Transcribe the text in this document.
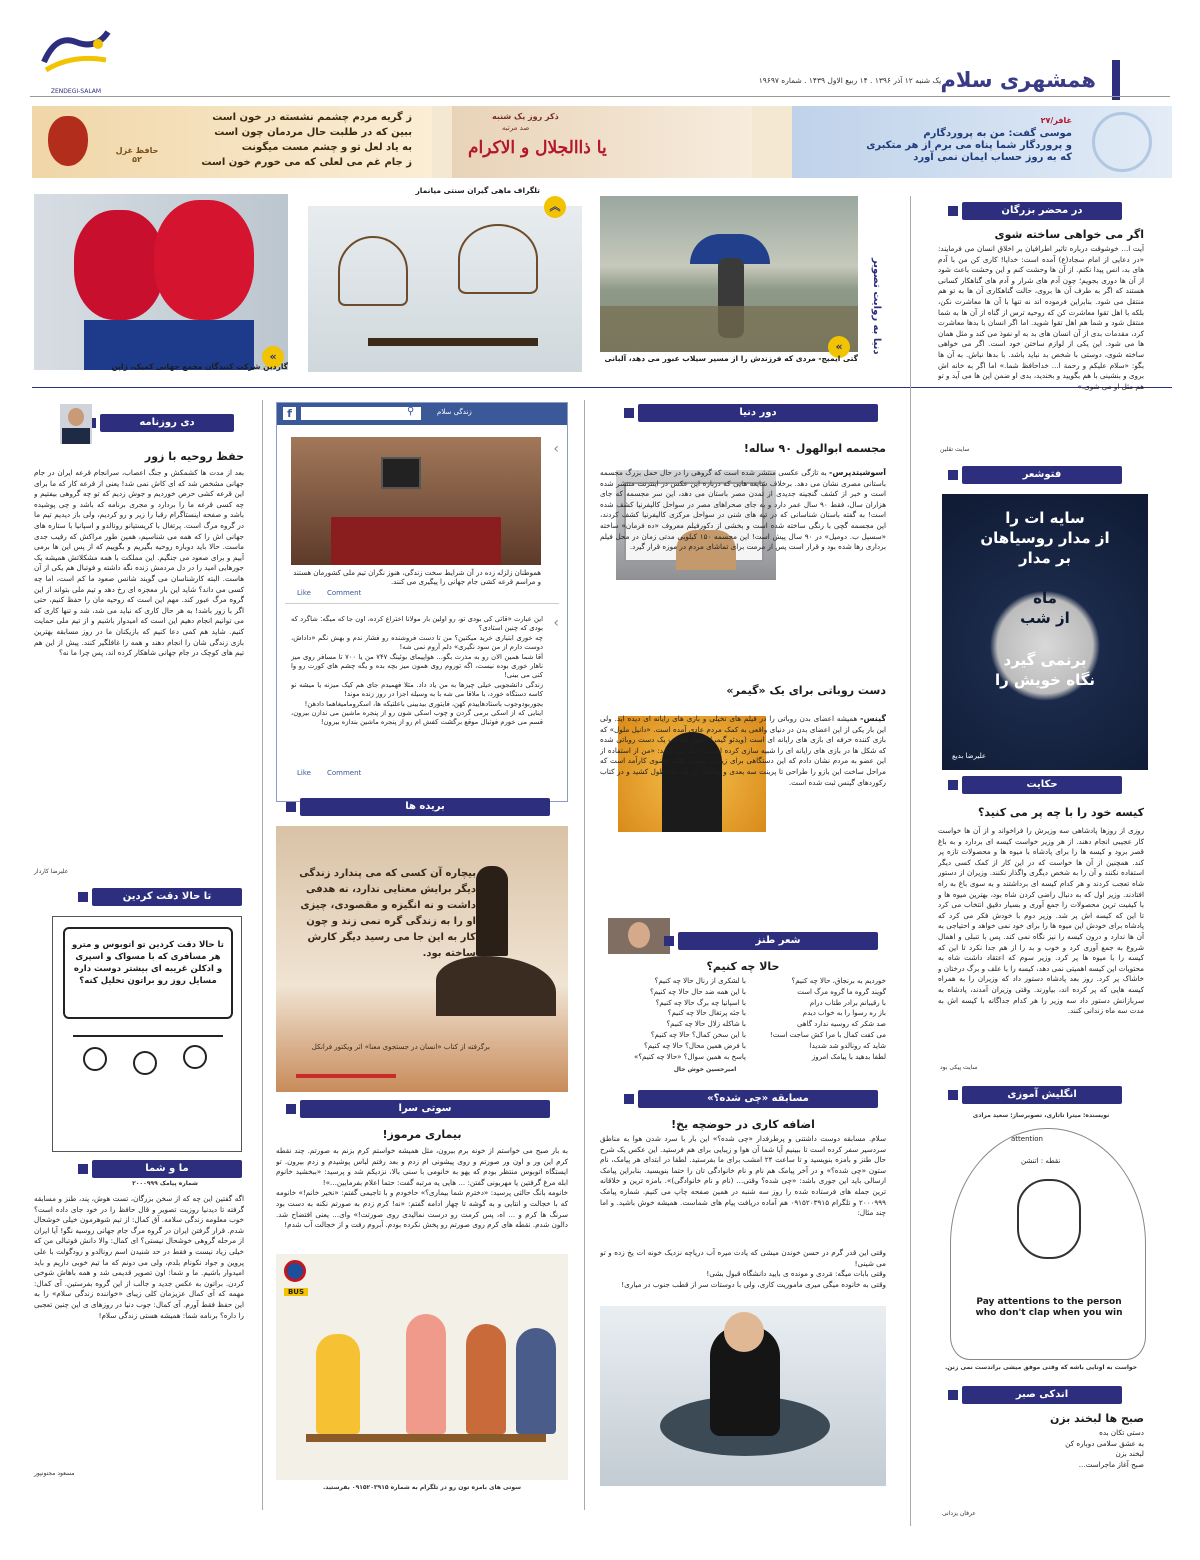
ZENDEGI-SALAM
یک شنبه ۱۲ آذر ۱۳۹۶ . ۱۴ ربیع الاول ۱۴۳۹ . شماره ۱۹۶۹۷ همشهری سلام
غافر/۲۷
موسی گفت: من به پروردگارم
و پروردگار شما پناه می برم از هر متکبری
که به روز حساب ایمان نمی آورد
ذکر روز یک شنبه
صد مرتبه
یا ذاالجلال و الاکرام
ز گریه مردم چشمم نشسته در خون است
ببین که در طلبت حال مردمان چون است
به یاد لعل تو و چشم مست میگونت
ز جام غم می لعلی که می خورم خون است
حافظ غزل ۵۲
دنیا به روایت تصویر
»
گتی ایمیج- مردی که فرزندش را از مسیر سیلاب عبور می دهد، آلبانی
︽
تلگراف ماهی گیران سنتی میانمار
»
گاردین شرکت کنندگان مجمع جهانی کمیک، ژاپن
در محضر بزرگان
اگر می خواهی ساخته شوی
آیت ا... خوشوقت درباره تاثیر اطرافیان بر اخلاق انسان می فرمایند: «در دعایی از امام سجاد(ع) آمده است: خدایا! کاری کن من با آدم های بد، انس پیدا نکنم. از آن ها وحشت کنم و این وحشت باعث شود از آن ها دوری بجویم؛ چون آدم های شرار و آدم های گناهکار کسانی هستند که اگر به طرف آن ها بروی، حالت گناهکاری آن ها به تو هم منتقل می شود. بنابراین فرموده اند نه تنها با آن ها معاشرت نکن، بلکه با اهل تقوا معاشرت کن که روحیه ترس از گناه از آن ها به شما منتقل شود و شما هم اهل تقوا شوید. اما اگر انسان با بدها معاشرت کرد، مقدمات بدی از آن انسان های بد به او نفوذ می کند و مثل همان ها می شود. این یکی از لوازم ساختن خود است. اگر می خواهی ساخته شوی، دوستی با شخص بد نباید باشد. با بدها نباش. به آن ها بگو: «سلام علیکم و رحمة ا... خداحافظ شما.» اما اگر به خانه اش بروی و بنشینی با هم بگویید و بخندید، بدی او ضمن این ها می آید و تو هم مثل او می شوی.»
سایت تقلین
فتوشعر
سایه ات را
از مدار روسیاهان
بر مدار
ماه
از شب
برنمی گیرد
نگاه خویش را
علیرضا بدیع
حکایت
کیسه خود را با چه پر می کنید؟
روزی از روزها پادشاهی سه وزیرش را فراخواند و از آن ها خواست کار عجیبی انجام دهند. از هر وزیر خواست کیسه ای بردارد و به باغ قصر برود و کیسه ها را برای پادشاه با میوه ها و محصولات تازه پر کند. همچنین از آن ها خواست که در این کار از کمک کسی دیگر استفاده نکنند و آن را به شخص دیگری واگذار نکنند. وزیران از دستور شاه تعجب کردند و هر کدام کیسه ای برداشتند و به سوی باغ به راه افتادند. وزیر اول که به دنبال راضی کردن شاه بود، بهترین میوه ها و با کیفیت ترین محصولات را جمع آوری و بسیار دقیق انتخاب می کرد تا این که کیسه اش پر شد. وزیر دوم با خودش فکر می کرد که پادشاه برای خودش این میوه ها را برای خود نمی خواهد و احتیاجی به آن ها ندارد و درون کیسه را نیز نگاه نمی کند. پس با تنبلی و اهمال شروع به جمع آوری کرد و خوب و بد را از هم جدا نکرد تا این که کیسه را با میوه ها پر کرد. وزیر سوم که اعتقاد داشت شاه به محتویات این کیسه اهمیتی نمی دهد، کیسه را با علف و برگ درختان و خاشاک پر کرد. روز بعد پادشاه دستور داد که وزیران را به همراه کیسه هایی که پر کرده اند، بیاورند. وقتی وزیران آمدند، پادشاه به سربازانش دستور داد سه وزیر را هر کدام جداگانه با کیسه اش به مدت سه ماه زندانی کنند.
سایت پیکی بود
انگلیش آموزی
نویسنده: میترا تاتاری، تصویرساز: سعید مرادی
attention
نقطه : اتنشن
Pay attentions to the person who don't clap when you win
حواست به اونایی باشه که وقتی موفق میشی براتدست نمی زنن.
اندکی صبر
صبح ها لبخند بزن
دستی تکان بده
به عشق سلامی دوباره کن
لبخند بزن
صبح آغاز ماجراست...
عرفان یزدانی
دور دنیا
مجسمه ابوالهول ۹۰ ساله!
آسوشیتدپرس- به تازگی عکسی منتشر شده است که گروهی را در حال حمل بزرگ مجسمه باستانی مصری نشان می دهد. برخلاف شایعه هایی که درباره این عکس در اینترنت منتشر شده است و خبر از کشف گنجینه جدیدی از تمدن مصر باستان می دهد، این سر مجسمه که جای هزاران سال، فقط ۹۰ سال عمر دارد و به جای صحراهای مصر در سواحل کالیفرنیا کشف شده است! به گفته باستان شناسانی که در تپه های شنی در سواحل مرکزی کالیفرنیا کشف کردند، این مجسمه گچی با رنگی ساخته شده است و بخشی از دکورفیلم معروف «ده فرمان» ساخته «سسیل ب. دومیل» در ۹۰ سال پیش است! این مجسمه ۱۵۰ کیلویی مدتی زمان در محل فیلم برداری رها شده بود و قرار است پس از مرمت برای تماشای مردم در موزه قرار گیرد.
دست روباتی برای یک «گیمر»
گینس- همیشه اعضای بدن روباتی را در فیلم های تخیلی و بازی های رایانه ای دیده اید. ولی این بار یکی از این اعضای بدن در دنیای واقعی به کمک مردم عادی آمده است. «دانیل ملول» که بازی کننده حرفه ای بازی های رایانه ای است (ویدئو گیمر) اکنون صاحب یک دست روباتی شده که شکل ها در بازی های رایانه ای را شبیه سازی کرده است. دانیل می گوید: «من از استفاده از این عضو به مردم نشان دادم که این دستگاهی برای زیبایی نیست، بلکه عضوی کارآمد است که مراحل ساخت این بازو را طراحی تا پرینت سه بعدی و ساخت آن یک ماه طول کشید و در کتاب رکوردهای گینس ثبت شده است.
شعر طنز
حالا چه کنیم؟
خوردیم به برنجاق، حالا چه کنیم؟
گویند گروه ما گروه مرگ است
با رقیبانم برادر طناب درام
باز ره رسوا را به خواب دیدم
صد شکر که روسیه ندارد گاهی
می کفت کمال با مرا کش ساجت است!
شاید که رونالدو شد شدیدا
لطفا بدهید با پیامک امروز
با لشکری از رنال حالا چه کنیم؟
با این همه ضد حال حالا چه کنیم؟
با اسپانیا چه برگ حالا چه کنیم؟
با جثه پرتغال حالا چه کنیم؟
با شاکله زلال حالا چه کنیم؟
با این سخن کمال؟ حالا چه کنیم؟
با فرض همین محال؟ حالا چه کنیم؟
پاسخ به همین سوال؟ «حالا چه کنیم؟»
امیرحسین خوش حال
مسابقه «چی شده؟»
اضافه کاری در حوضچه یخ!
سلام. مسابقه دوست داشتنی و پرطرفدار «چی شده؟» این بار با سرد شدن هوا به مناطق سردسیر سفر کرده است تا ببینیم آیا شما آن هوا و زیبایی برای هم فرستید. این عکس یک شرح حال طنز و بامزه بنویسید و تا ساعت ۲۴ امشب برای ما بفرستید. لطفا در ابتدای هر پیامک، نام ستون «چی شده؟» و در آخر پیامک هم نام و نام خانوادگی تان را حتما بنویسید. بنابراین پیامک ارسالی باید این جوری باشد: «چی شده؟ وقتی... (نام و نام خانوادگی)». بامزه ترین و خلاقانه ترین جمله های فرستاده شده را روز سه شنبه در همین صفحه چاپ می کنیم. شماره پیامک ۲۰۰۰۹۹۹ و تلگرام ۰۹۱۵۲۰۳۹۱۵ هم آماده دریافت پیام های شماست. همیشه خوش باشید. و اما چند مثال:
وقتی این قدر گرم در حسن خوندن میشی که یادت میره آب دریاچه نزدیک خونه ات یخ زده و تو می شینی!
وقتی بابات میگه: مَردی و مونده ی بایید دانشگاه قبول بشی!
وقتی به خانوده میگی میری ماموریت کاری، ولی با دوستات سر از قطب جنوب در میاری!
f	⚲	زندگی سلام
›
هموطنان زلزله زده در آن شرایط سخت زندگی، هنوز نگران تیم ملی کشورمان هستند و مراسم قرعه کشی جام جهانی را پیگیری می کنند.
Like Comment
›
این عبارت «قاتی کی بودی تو، رو اولین بار مولانا اختراع کرده، اون جا که میگه: شاگرد که بودی که چنین استادی؟
چه خوری ابتیاری خرید میکنین؟ من تا دست فروشنده رو فشار ندم و بهش نگم «داداش، دوست دارم از من سود نگیری» دلم آروم نمی شه!
آقا شما همین الان رو به مذرت بگو... هواپیمای بوئینگ ۷۴۷ من یا ۷۰۰ تا مسافر روی میز ناهار خوری بوده نیست، اگه توروم روی همون میز بچه بده و یگه چشم های کورت رو وا کنی می بینی!
زندگی دانشجویی خیلی چیزها به من یاد داد. مثلا فهمیدم جای هم کیک میزنه یا میشه تو کاسه دستگاه خورد، با ملاقا می شه با به وسیله اجزا در روز زنده موند!
بجوربودوجوب باستادهاییدم کهن، فایتوری بیدبینی باعلتیکه ها، اسکرومامیغاهما دادهن!
اینایی که از اسکی برمی گردن و چوب اسکی شون رو از پنجره ماشین می ندازن بیرون، قسم می خورم فوتبال موقع برگشت کفش ام رو از پنجره ماشین بندازه بیرون!
Like Comment
بریده ها
بیچاره آن کسی که می پندارد زندگی دیگر برایش معنایی ندارد، نه هدفی داشت و نه انگیزه و مقصودی، چیزی او را به زندگی گره نمی زند و چون کار به این جا می رسید دیگر کارش ساخته بود.
برگرفته از کتاب «انسان در جستجوی معنا» اثر ویکتور فرانکل
سوتی سرا
بیماری مرموز!
به بار صبح می خواستم از خونه برم بیرون، مثل همیشه خواستم کرم بزنم به صورتم. چند نقطه کرم این ور و اون ور صورتم و روی پیشونی ام زدم و بعد رفتم لباس پوشیدم و زدم بیرون. تو ایستگاه اتوبوس منتظر بودم که یهو به خانومی با سنی بالا، نزدیکم شد و پرسید: «ببخشید خانوم ابله مرغ گرفتین یا مهربونی گفتن: ... هایی یه مرتبه گفت: حتما اعلام بفرمایین...»!
خانومه بانگ حالتی پرسید: «دخترم شما بیماری؟» حاخودم و با تاجیمی گفتم: «نخیر خانم!» خانومه که با خجالت و انتایی و به گوشه تا چهار ادامه گفتم: «نه! کرم زدم به صورتم نکنه به دست بود سرنگ ها کرم و ... اه، پس کرمت رو درست نمالیدی روی صورتت!» وای... یعنی افتضاح شد. دالون شدم. نقطه های کرم روی صورتم رو پخش نکرده بودم. آبروم رفت و از خجالت آب شدم!
BUS
سوتی های بامزه تون رو در تلگرام به شماره ۰۹۱۵۲۰۳۹۱۵ بفرستید.
دی روزنامه
حفظ روحیه با زور
بعد از مدت ها کشمکش و جنگ اعصاب، سرانجام قرعه ایران در جام جهانی مشخص شد که ای کاش نمی شد! یعنی از قرعه کار که ما برای این قرعه کشی حرص خوردیم و جوش زدیم که تو چه گروهی بیفتیم و چه کسی قرعه ما را بردارد و مجری برنامه که باشد و چی پوشیده باشد و صفحه اینستاگرام رقبا را زیر و رو کردیم، ولی باز دیدیم تیم ما در گروه مرگ است. پرتغال با کریستیانو رونالدو و اسپانیا با ستاره های جهانی اش را که همه می شناسیم، همین طور مراکش که رقیب جدی ماست. حالا باید دوباره روحیه بگیریم و بگوییم که از پس این ها برمی آییم و برای صعود می جنگیم. این مملکت با همه مشکلاتش همیشه یک جورهایی امید را در دل مردمش زنده نگه داشته و فوتبال هم یکی از آن هاست. البته کارشناسان می گویند شانس صعود ما کم است، اما چه کسی می داند؟ شاید این بار معجزه ای رخ دهد و تیم ملی بتواند از این گروه مرگ عبور کند. مهم این است که روحیه مان را حفظ کنیم، حتی اگر با زور باشد! به هر حال کاری که نباید می شد، شد و تنها کاری که می توانیم انجام دهیم این است که امیدوار باشیم و از تیم ملی حمایت کنیم. شاید هم کمی دعا کنیم که بازیکنان ما در روز مسابقه بهترین بازی زندگی شان را انجام دهند و همه را غافلگیر کنند. پیش از این هم تیم های کوچک در جام جهانی شاهکار کرده اند، پس چرا ما نه؟
علیرضا کاردار
تا حالا دقت کردین
تا حالا دقت کردین تو اتوبوس و مترو
هر مسافری که با مسواک و اسپری
و ادکلن غریبه ای بیشتر دوست داره
مسایل روز رو براتون تحلیل کنه؟
ما و شما
شماره پیامک ۲۰۰۰۹۹۹
اگه گفتین این چه که از سخن بزرگان، تست هوش، پند، طنز و مسابقه گرفته تا دیدنیا روزیت تصویر و قال حافظ را در خود جای داده است؟ خوب معلومه زندگی سلامه. آق کمال: از تیم شوهرمون خیلی خوشحال شدم. قرار گرفتن ایران در گروه مرگ جام جهانی روسیه نگو! آیا ایران از مرحله گروهی خوشحال نیستی؟ ای کمال: والا دانش فوتبالی من که خیلی زیاد نیست و فقط در حد شنیدن اسم رونالدو و رودگولت با علی پروین و جواد نکونام بلدم، ولی می دونم که ما تیم خوبی داریم و باید امیدوار باشیم. ما و شما: اون تصویر قدیمی شد و همه باهاش شوخی کردن. براتون به عکس جدید و جالب از این گروه بفرستین. آی کمال: مهمه که آی کمال عزیزمان کلی زیبای «خواننده زندگی سلام» را به این حفظ فقط آورم. آی کمال: جوب دنیا در روزهای ی این چنین تعجبی را داره؟ برنامه شما: همیشه هستی زندگی سلام!
مسعود مجنونپور
